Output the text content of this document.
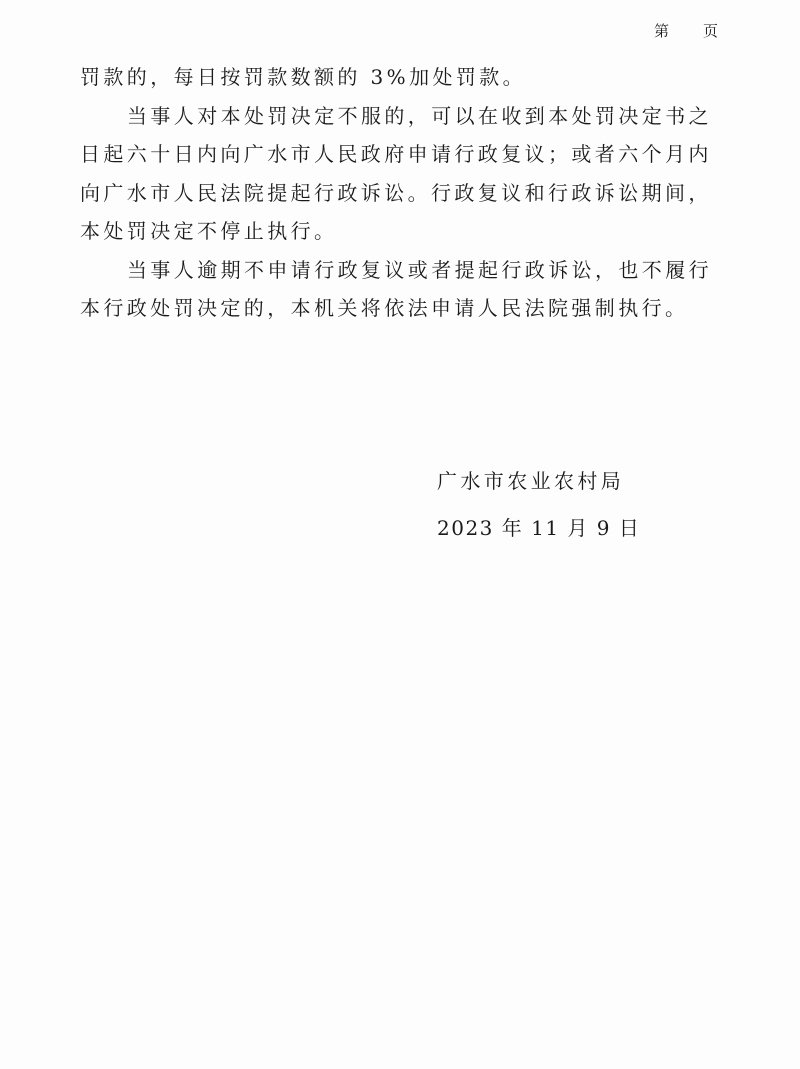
第 页

罚款的，每日按罚款数额的 3%加处罚款。

当事人对本处罚决定不服的，可以在收到本处罚决定书之日起六十日内向广水市人民政府申请行政复议；或者六个月内向广水市人民法院提起行政诉讼。行政复议和行政诉讼期间，本处罚决定不停止执行。

当事人逾期不申请行政复议或者提起行政诉讼，也不履行本行政处罚决定的，本机关将依法申请人民法院强制执行。

广水市农业农村局
2023 年 11 月 9 日
